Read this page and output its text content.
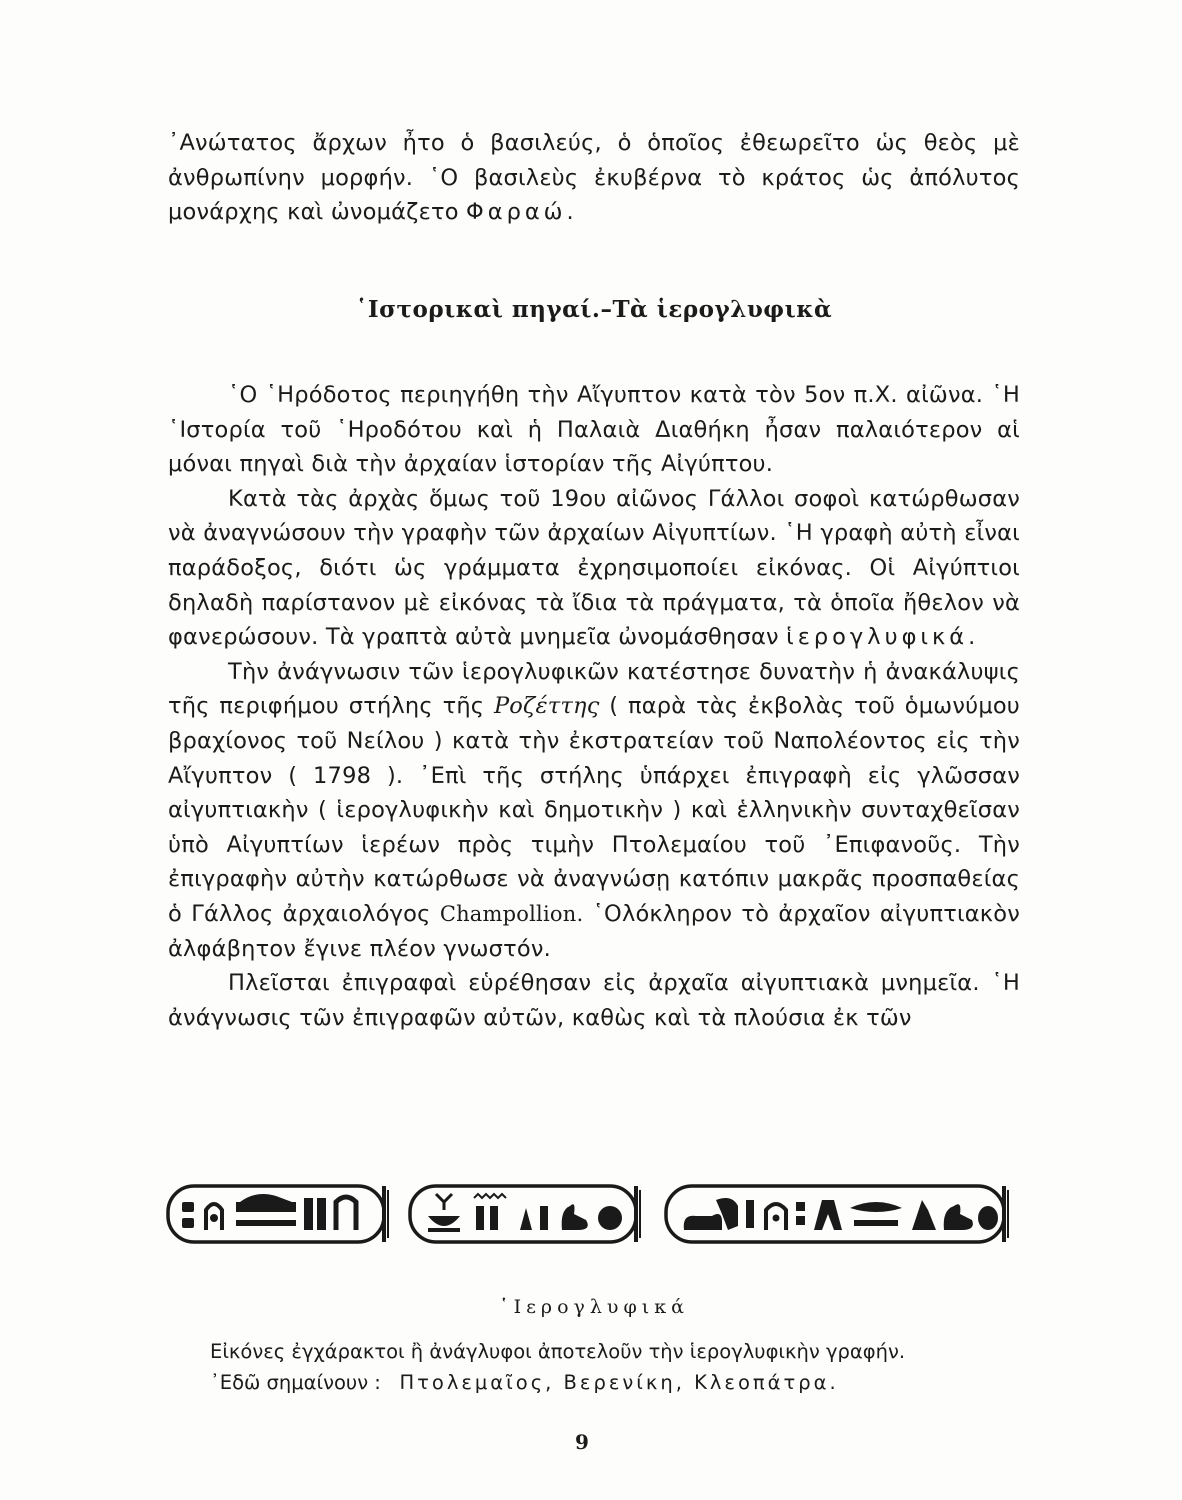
᾿Ανώτατος ἄρχων ἦτο ὁ βασιλεύς, ὁ ὁποῖος ἐθεωρεῖτο ὡς θεὸς μὲ ἀνθρωπίνην μορφήν. ῾Ο βασιλεὺς ἐκυβέρνα τὸ κράτος ὡς ἀπόλυτος μονάρχης καὶ ὠνομάζετο Φαραώ.

῾Ιστορικαὶ πηγαί.–Τὰ ἱερογλυφικὰ

῾Ο ῾Ηρόδοτος περιηγήθη τὴν Αἴγυπτον κατὰ τὸν 5ον π.Χ. αἰῶνα. ῾Η ῾Ιστορία τοῦ ῾Ηροδότου καὶ ἡ Παλαιὰ Διαθήκη ἦσαν παλαιότερον αἱ μόναι πηγαὶ διὰ τὴν ἀρχαίαν ἱστορίαν τῆς Αἰγύπτου.

Κατὰ τὰς ἀρχὰς ὅμως τοῦ 19ου αἰῶνος Γάλλοι σοφοὶ κατώρθωσαν νὰ ἀναγνώσουν τὴν γραφὴν τῶν ἀρχαίων Αἰγυπτίων. ῾Η γραφὴ αὐτὴ εἶναι παράδοξος, διότι ὡς γράμματα ἐχρησιμοποίει εἰκόνας. Οἱ Αἰγύπτιοι δηλαδὴ παρίστανον μὲ εἰκόνας τὰ ἴδια τὰ πράγματα, τὰ ὁποῖα ἤθελον νὰ φανερώσουν. Τὰ γραπτὰ αὐτὰ μνημεῖα ὠνομάσθησαν ἱερογλυφικά.

Τὴν ἀνάγνωσιν τῶν ἱερογλυφικῶν κατέστησε δυνατὴν ἡ ἀνακάλυψις τῆς περιφήμου στήλης τῆς Ροζέττης ( παρὰ τὰς ἐκβολὰς τοῦ ὁμωνύμου βραχίονος τοῦ Νείλου ) κατὰ τὴν ἐκστρατείαν τοῦ Ναπολέοντος εἰς τὴν Αἴγυπτον ( 1798 ). ᾿Επὶ τῆς στήλης ὑπάρχει ἐπιγραφὴ εἰς γλῶσσαν αἰγυπτιακὴν ( ἱερογλυφικὴν καὶ δημοτικὴν ) καὶ ἑλληνικὴν συνταχθεῖσαν ὑπὸ Αἰγυπτίων ἱερέων πρὸς τιμὴν Πτολεμαίου τοῦ ᾿Επιφανοῦς. Τὴν ἐπιγραφὴν αὐτὴν κατώρθωσε νὰ ἀναγνώσῃ κατόπιν μακρᾶς προσπαθείας ὁ Γάλλος ἀρχαιολόγος Champollion. ῾Ολόκληρον τὸ ἀρχαῖον αἰγυπτιακὸν ἀλφάβητον ἔγινε πλέον γνωστόν.

Πλεῖσται ἐπιγραφαὶ εὑρέθησαν εἰς ἀρχαῖα αἰγυπτιακὰ μνημεῖα. ῾Η ἀνάγνωσις τῶν ἐπιγραφῶν αὐτῶν, καθὼς καὶ τὰ πλούσια ἐκ τῶν

῾Ιερογλυφικά

Εἰκόνες ἐγχάρακτοι ἢ ἀνάγλυφοι ἀποτελοῦν τὴν ἱερογλυφικὴν γραφήν.

᾿Εδῶ σημαίνουν : Πτολεμαῖος, Βερενίκη, Κλεοπάτρα.

9
